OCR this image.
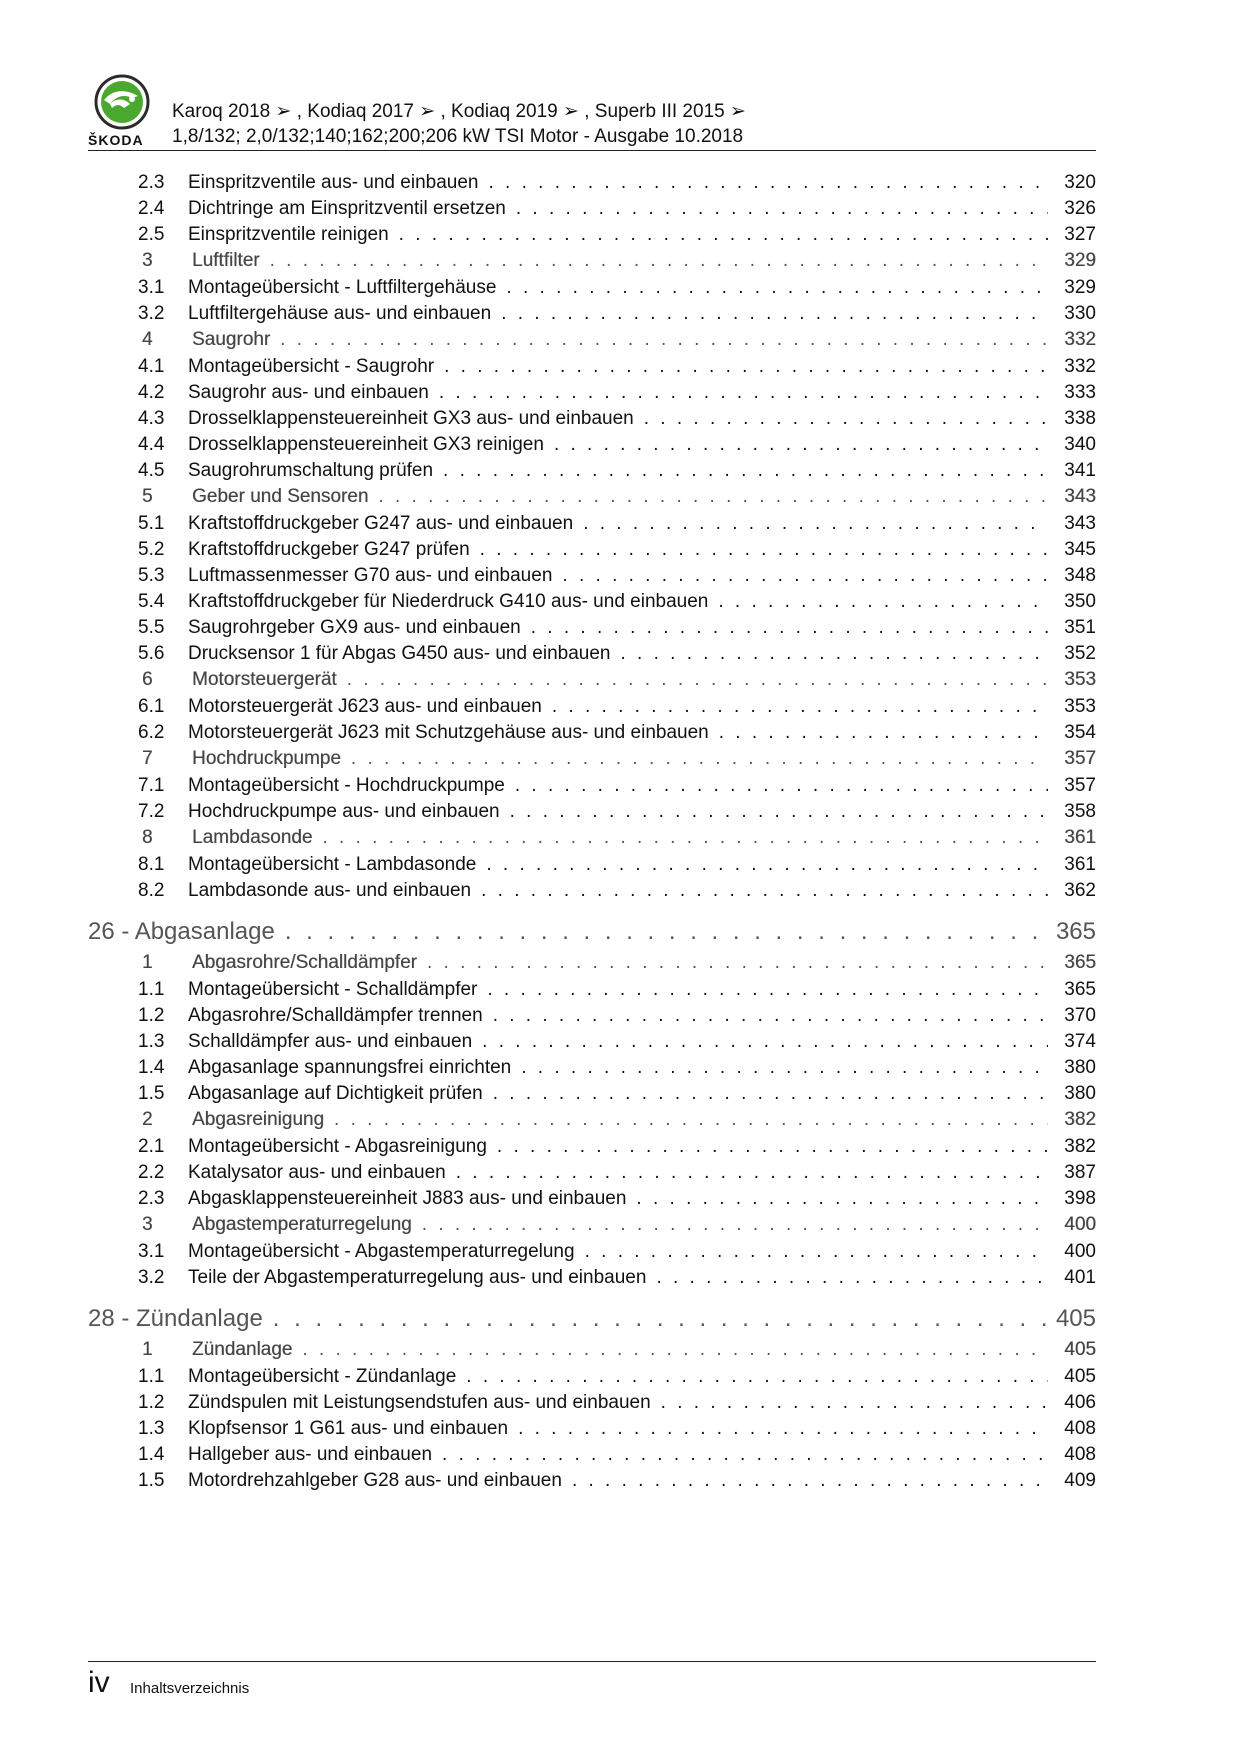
ŠKODA
Karoq 2018 ➢ , Kodiaq 2017 ➢ , Kodiaq 2019 ➢ , Superb III 2015 ➢
1,8/132; 2,0/132;140;162;200;206 kW TSI Motor - Ausgabe 10.2018
2.3	Einspritzventile aus- und einbauen . . .	320
2.4	Dichtringe am Einspritzventil ersetzen . . .	326
2.5	Einspritzventile reinigen . . .	327
3	Luftfilter . . .	329
3.1	Montageübersicht - Luftfiltergehäuse . . .	329
3.2	Luftfiltergehäuse aus- und einbauen . . .	330
4	Saugrohr . . .	332
4.1	Montageübersicht - Saugrohr . . .	332
4.2	Saugrohr aus- und einbauen . . .	333
4.3	Drosselklappensteuereinheit GX3 aus- und einbauen . . .	338
4.4	Drosselklappensteuereinheit GX3 reinigen . . .	340
4.5	Saugrohrumschaltung prüfen . . .	341
5	Geber und Sensoren . . .	343
5.1	Kraftstoffdruckgeber G247 aus- und einbauen . . .	343
5.2	Kraftstoffdruckgeber G247 prüfen . . .	345
5.3	Luftmassenmesser G70 aus- und einbauen . . .	348
5.4	Kraftstoffdruckgeber für Niederdruck G410 aus- und einbauen . . .	350
5.5	Saugrohrgeber GX9 aus- und einbauen . . .	351
5.6	Drucksensor 1 für Abgas G450 aus- und einbauen . . .	352
6	Motorsteuergerät . . .	353
6.1	Motorsteuergerät J623 aus- und einbauen . . .	353
6.2	Motorsteuergerät J623 mit Schutzgehäuse aus- und einbauen . . .	354
7	Hochdruckpumpe . . .	357
7.1	Montageübersicht - Hochdruckpumpe . . .	357
7.2	Hochdruckpumpe aus- und einbauen . . .	358
8	Lambdasonde . . .	361
8.1	Montageübersicht - Lambdasonde . . .	361
8.2	Lambdasonde aus- und einbauen . . .	362
26 - Abgasanlage . . .	365
1	Abgasrohre/Schalldämpfer . . .	365
1.1	Montageübersicht - Schalldämpfer . . .	365
1.2	Abgasrohre/Schalldämpfer trennen . . .	370
1.3	Schalldämpfer aus- und einbauen . . .	374
1.4	Abgasanlage spannungsfrei einrichten . . .	380
1.5	Abgasanlage auf Dichtigkeit prüfen . . .	380
2	Abgasreinigung . . .	382
2.1	Montageübersicht - Abgasreinigung . . .	382
2.2	Katalysator aus- und einbauen . . .	387
2.3	Abgasklappensteuereinheit J883 aus- und einbauen . . .	398
3	Abgastemperaturregelung . . .	400
3.1	Montageübersicht - Abgastemperaturregelung . . .	400
3.2	Teile der Abgastemperaturregelung aus- und einbauen . . .	401
28 - Zündanlage . . .	405
1	Zündanlage . . .	405
1.1	Montageübersicht - Zündanlage . . .	405
1.2	Zündspulen mit Leistungsendstufen aus- und einbauen . . .	406
1.3	Klopfsensor 1 G61 aus- und einbauen . . .	408
1.4	Hallgeber aus- und einbauen . . .	408
1.5	Motordrehzahlgeber G28 aus- und einbauen . . .	409
iv Inhaltsverzeichnis
